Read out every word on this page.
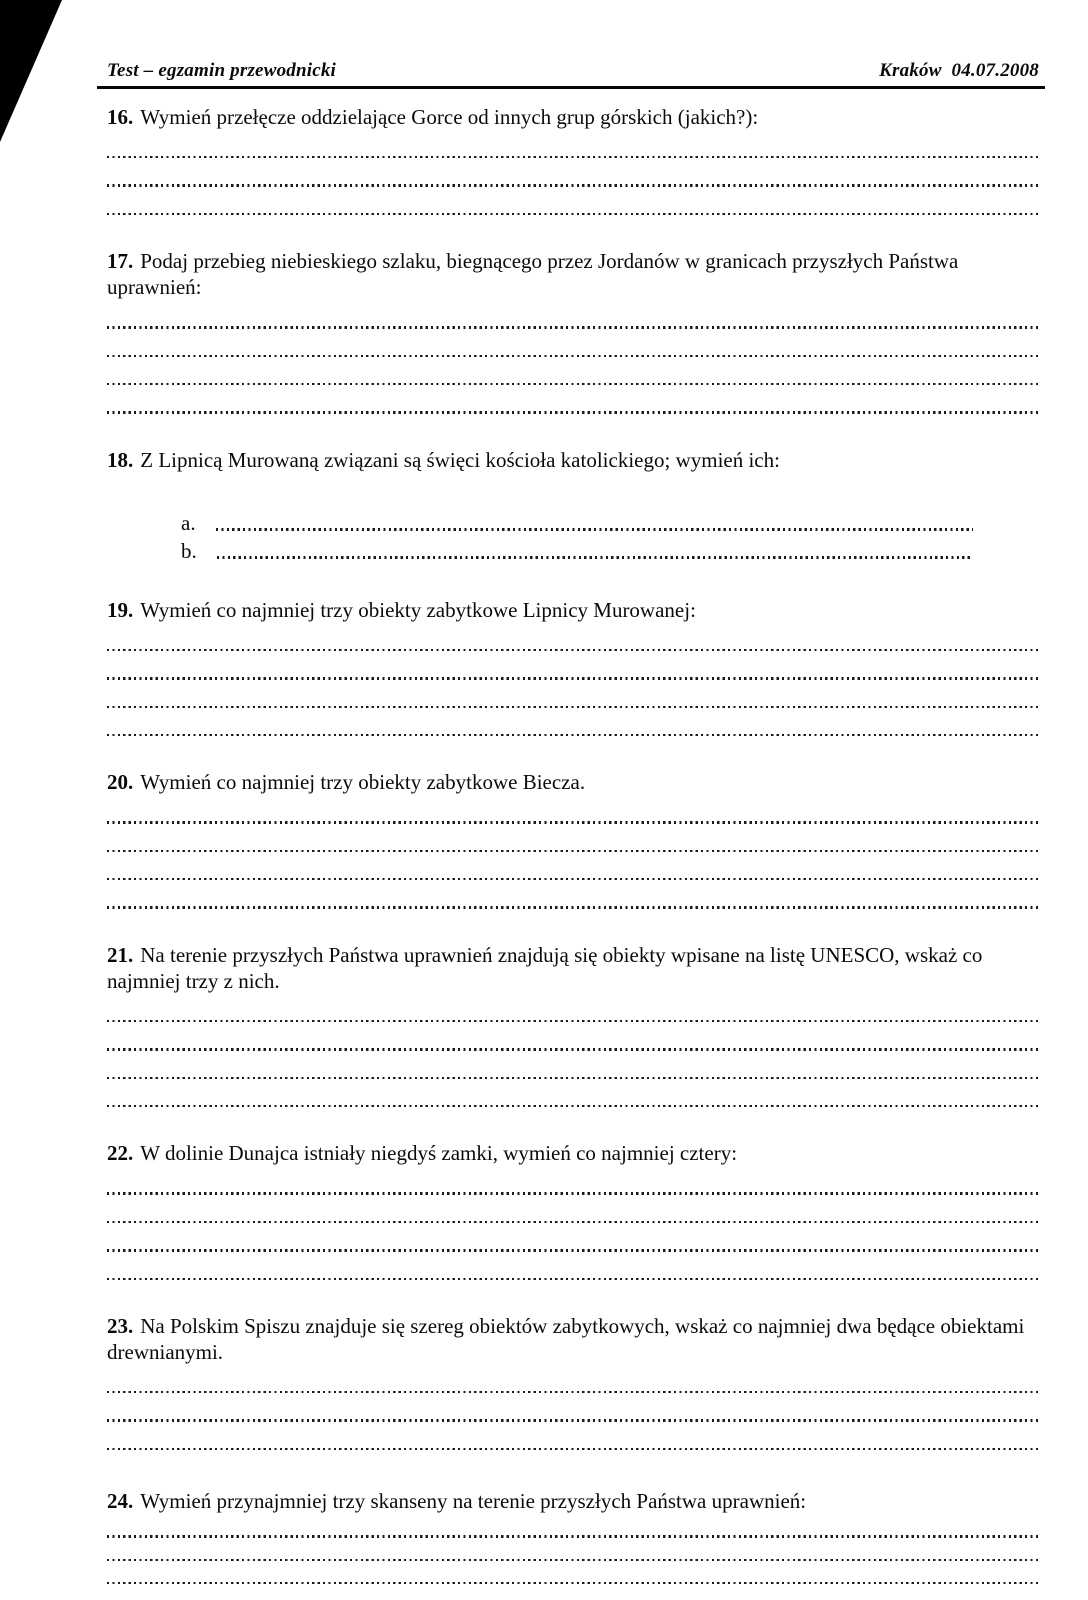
Test – egzamin przewodnicki	Kraków  04.07.2008

16. Wymień przełęcze oddzielające Gorce od innych grup górskich (jakich?):

17. Podaj przebieg niebieskiego szlaku, biegnącego przez Jordanów w granicach przyszłych Państwa uprawnień:

18. Z Lipnicą Murowaną związani są święci kościoła katolickiego; wymień ich:

a.
b.

19. Wymień co najmniej trzy obiekty zabytkowe Lipnicy Murowanej:

20. Wymień co najmniej trzy obiekty zabytkowe Biecza.

21. Na terenie przyszłych Państwa uprawnień znajdują się obiekty wpisane na listę UNESCO, wskaż co najmniej trzy z nich.

22. W dolinie Dunajca istniały niegdyś zamki, wymień co najmniej cztery:

23. Na Polskim Spiszu znajduje się szereg obiektów zabytkowych, wskaż co najmniej dwa będące obiektami drewnianymi.

24. Wymień przynajmniej trzy skanseny na terenie przyszłych Państwa uprawnień:
